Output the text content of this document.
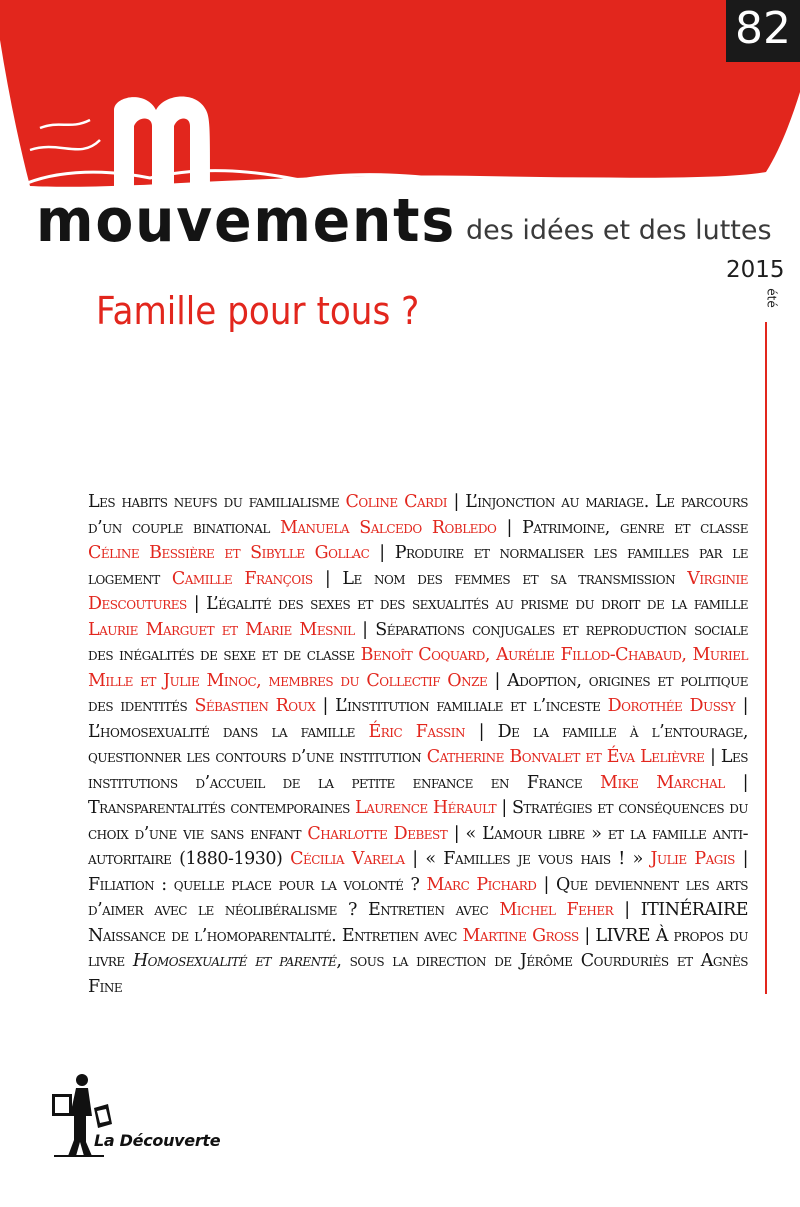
82
mouvements des idées et des luttes
2015
été
Famille pour tous ?
Les habits neufs du familialisme Coline Cardi | L’injonction au mariage. Le parcours d’un couple binational Manuela Salcedo Robledo | Patrimoine, genre et classe Céline Bessière et Sibylle Gollac | Produire et normaliser les familles par le logement Camille François | Le nom des femmes et sa transmission Virginie Descoutures | L’égalité des sexes et des sexualités au prisme du droit de la famille Laurie Marguet et Marie Mesnil | Séparations conjugales et reproduction sociale des inégalités de sexe et de classe Benoît Coquard, Aurélie Fillod-Chabaud, Muriel Mille et Julie Minoc, membres du Collectif Onze | Adoption, origines et politique des identités Sébastien Roux | L’institution familiale et l’inceste Dorothée Dussy | L’homosexualité dans la famille Éric Fassin | De la famille à l’entourage, questionner les contours d’une institution Catherine Bonvalet et Éva Lelièvre | Les institutions d’accueil de la petite enfance en France Mike Marchal | Transparentalités contemporaines Laurence Hérault | Stratégies et conséquences du choix d’une vie sans enfant Charlotte Debest | « L’amour libre » et la famille anti-autoritaire (1880-1930) Cécilia Varela | « Familles je vous hais ! » Julie Pagis | Filiation : quelle place pour la volonté ? Marc Pichard | Que deviennent les arts d’aimer avec le néolibéralisme ? Entretien avec Michel Feher | ITINÉRAIRE Naissance de l’homoparentalité. Entretien avec Martine Gross | LIVRE À propos du livre Homosexualité et parenté, sous la direction de Jérôme Courduriès et Agnès Fine
La Découverte
